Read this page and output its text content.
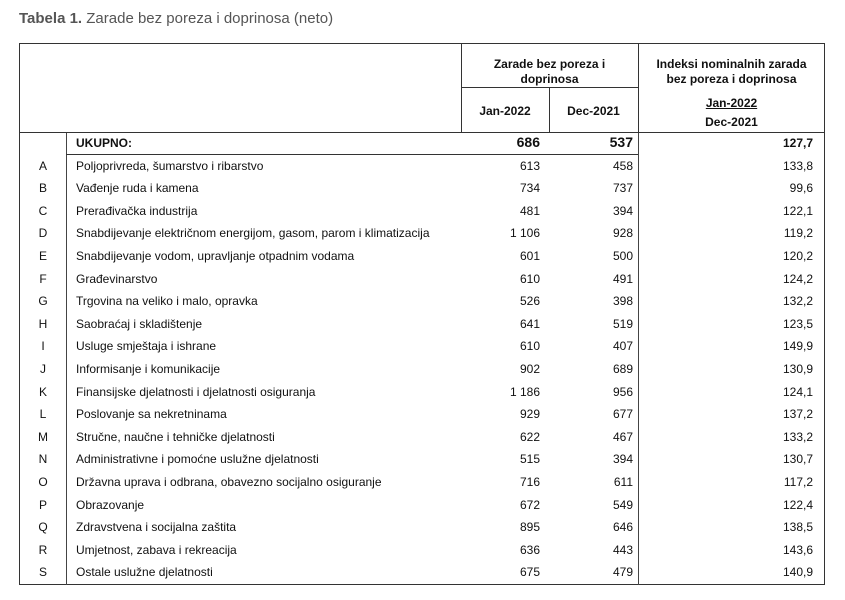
Tabela 1. Zarade bez poreza i doprinosa (neto)
Zarade bez poreza i
doprinosa
Indeksi nominalnih zarada
bez poreza i doprinosa
Jan-2022	Dec-2021
Jan-2022
Dec-2021
UKUPNO:	686	537	127,7
A	Poljoprivreda, šumarstvo i ribarstvo	613	458	133,8
B	Vađenje ruda i kamena	734	737	99,6
C	Prerađivačka industrija	481	394	122,1
D	Snabdijevanje električnom energijom, gasom, parom i klimatizacija	1 106	928	119,2
E	Snabdijevanje vodom, upravljanje otpadnim vodama	601	500	120,2
F	Građevinarstvo	610	491	124,2
G	Trgovina na veliko i malo, opravka	526	398	132,2
H	Saobraćaj i skladištenje	641	519	123,5
I	Usluge smještaja i ishrane	610	407	149,9
J	Informisanje i komunikacije	902	689	130,9
K	Finansijske djelatnosti i djelatnosti osiguranja	1 186	956	124,1
L	Poslovanje sa nekretninama	929	677	137,2
M	Stručne, naučne i tehničke djelatnosti	622	467	133,2
N	Administrativne i pomoćne uslužne djelatnosti	515	394	130,7
O	Državna uprava i odbrana, obavezno socijalno osiguranje	716	611	117,2
P	Obrazovanje	672	549	122,4
Q	Zdravstvena i socijalna zaštita	895	646	138,5
R	Umjetnost, zabava i rekreacija	636	443	143,6
S	Ostale uslužne djelatnosti	675	479	140,9
